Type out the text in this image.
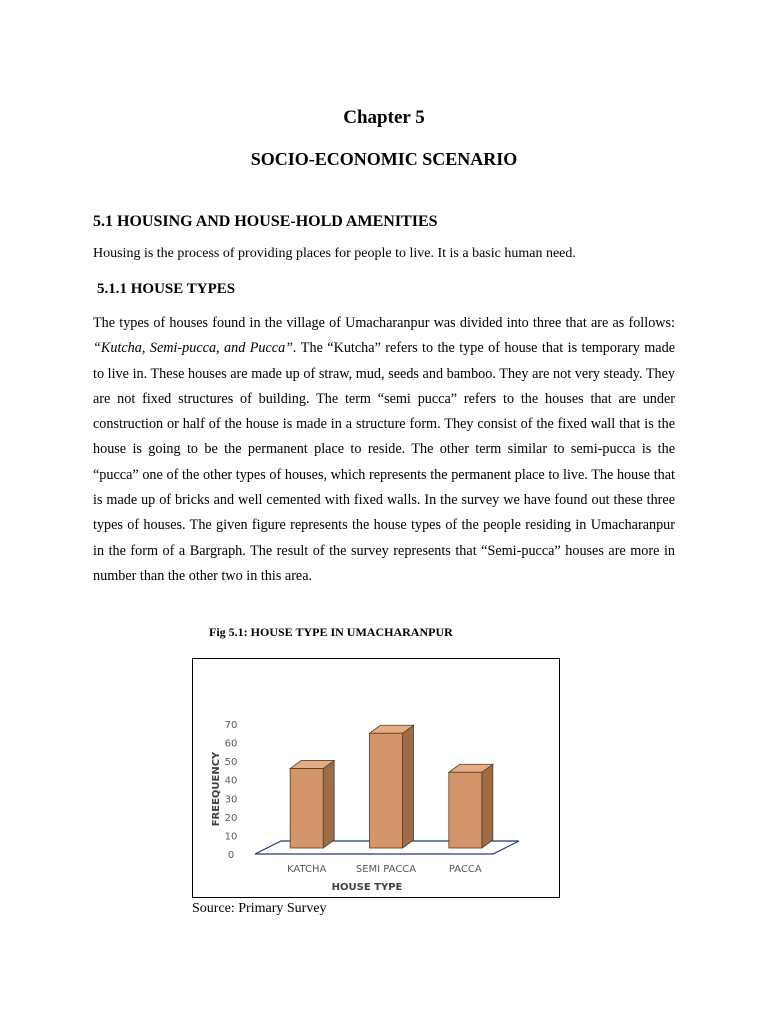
Chapter 5
SOCIO-ECONOMIC SCENARIO
5.1 HOUSING AND HOUSE-HOLD AMENITIES
Housing is the process of providing places for people to live. It is a basic human need.
5.1.1 HOUSE TYPES

The types of houses found in the village of Umacharanpur was divided into three that are as follows: “Kutcha, Semi-pucca, and Pucca”. The “Kutcha” refers to the type of house that is temporary made to live in. These houses are made up of straw, mud, seeds and bamboo. They are not very steady. They are not fixed structures of building. The term “semi pucca” refers to the houses that are under construction or half of the house is made in a structure form. They consist of the fixed wall that is the house is going to be the permanent place to reside. The other term similar to semi-pucca is the “pucca” one of the other types of houses, which represents the permanent place to live. The house that is made up of bricks and well cemented with fixed walls. In the survey we have found out these three types of houses. The given figure represents the house types of the people residing in Umacharanpur in the form of a Bargraph. The result of the survey represents that “Semi-pucca” houses are more in number than the other two in this area.

Fig 5.1: HOUSE TYPE IN UMACHARANPUR
0
10
20
30
40
50
60
70
FREEQUENCY
KATCHA	SEMI PACCA	PACCA
HOUSE TYPE
Source: Primary Survey
